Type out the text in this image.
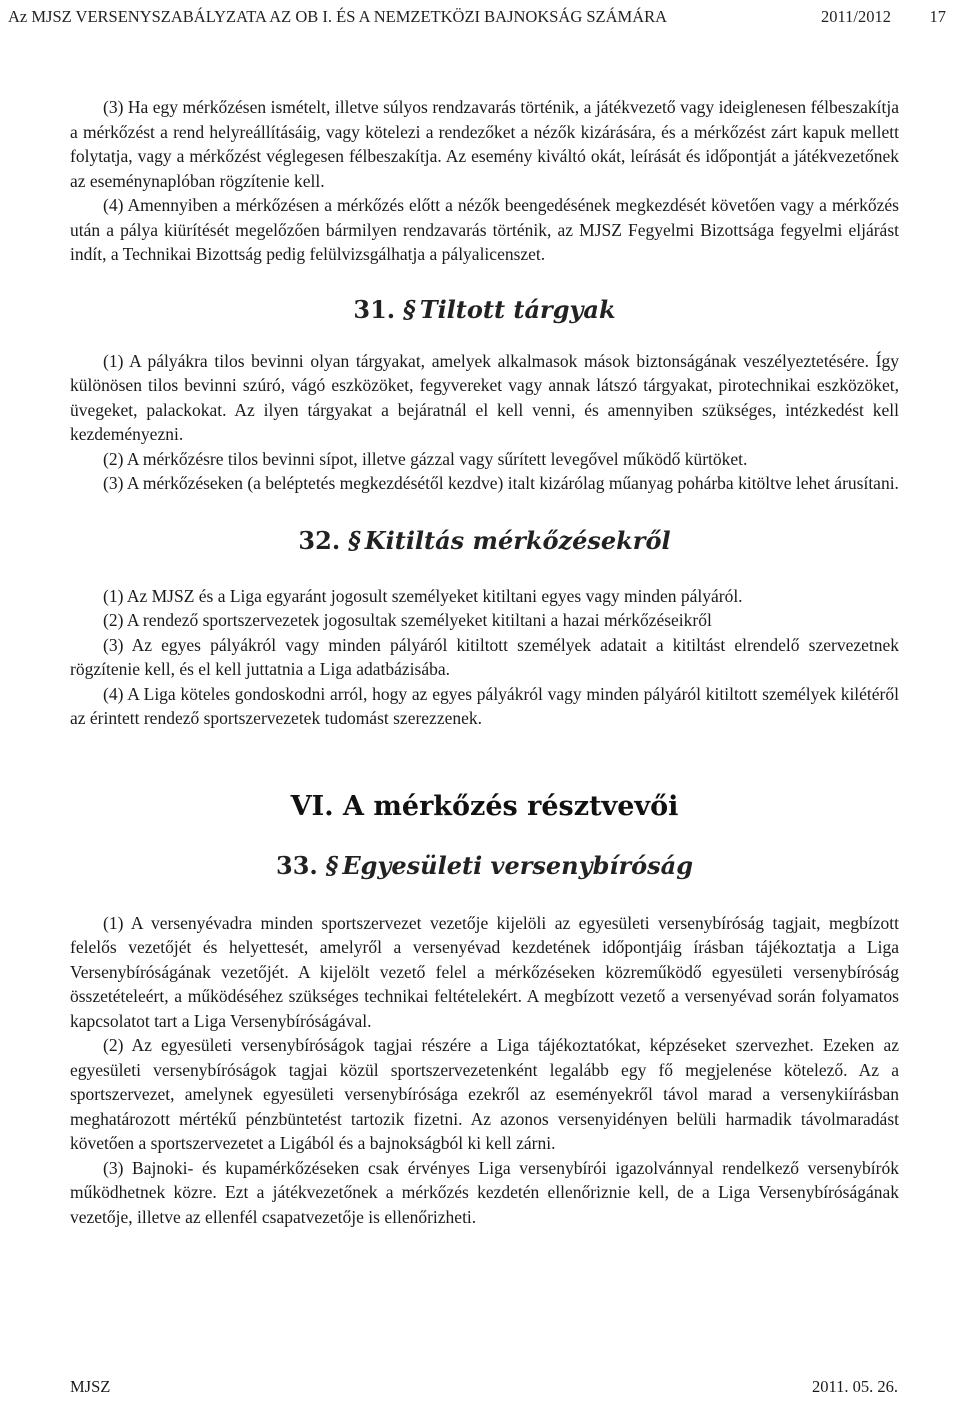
Az MJSZ VERSENYSZABÁLYZATA AZ OB I. ÉS A NEMZETKÖZI BAJNOKSÁG SZÁMÁRA	2011/2012 17

(3) Ha egy mérkőzésen ismételt, illetve súlyos rendzavarás történik, a játékvezető vagy ideiglenesen félbeszakítja a mérkőzést a rend helyreállításáig, vagy kötelezi a rendezőket a nézők kizárására, és a mérkőzést zárt kapuk mellett folytatja, vagy a mérkőzést véglegesen félbeszakítja. Az esemény kiváltó okát, leírását és időpontját a játékvezetőnek az eseménynaplóban rögzítenie kell.

(4) Amennyiben a mérkőzésen a mérkőzés előtt a nézők beengedésének megkezdését követően vagy a mérkőzés után a pálya kiürítését megelőzően bármilyen rendzavarás történik, az MJSZ Fegyelmi Bizottsága fegyelmi eljárást indít, a Technikai Bizottság pedig felülvizsgálhatja a pályalicenszet.

31. § Tiltott tárgyak

(1) A pályákra tilos bevinni olyan tárgyakat, amelyek alkalmasok mások biztonságának veszélyeztetésére. Így különösen tilos bevinni szúró, vágó eszközöket, fegyvereket vagy annak látszó tárgyakat, pirotechnikai eszközöket, üvegeket, palackokat. Az ilyen tárgyakat a bejáratnál el kell venni, és amennyiben szükséges, intézkedést kell kezdeményezni.

(2) A mérkőzésre tilos bevinni sípot, illetve gázzal vagy sűrített levegővel működő kürtöket.

(3) A mérkőzéseken (a beléptetés megkezdésétől kezdve) italt kizárólag műanyag pohárba kitöltve lehet árusítani.

32. § Kitiltás mérkőzésekről

(1) Az MJSZ és a Liga egyaránt jogosult személyeket kitiltani egyes vagy minden pályáról.

(2) A rendező sportszervezetek jogosultak személyeket kitiltani a hazai mérkőzéseikről

(3) Az egyes pályákról vagy minden pályáról kitiltott személyek adatait a kitiltást elrendelő szervezetnek rögzítenie kell, és el kell juttatnia a Liga adatbázisába.

(4) A Liga köteles gondoskodni arról, hogy az egyes pályákról vagy minden pályáról kitiltott személyek kilétéről az érintett rendező sportszervezetek tudomást szerezzenek.

VI. A mérkőzés résztvevői
33. § Egyesületi versenybíróság

(1) A versenyévadra minden sportszervezet vezetője kijelöli az egyesületi versenybíróság tagjait, megbízott felelős vezetőjét és helyettesét, amelyről a versenyévad kezdetének időpontjáig írásban tájékoztatja a Liga Versenybíróságának vezetőjét. A kijelölt vezető felel a mérkőzéseken közreműködő egyesületi versenybíróság összetételeért, a működéséhez szükséges technikai feltételekért. A megbízott vezető a versenyévad során folyamatos kapcsolatot tart a Liga Versenybíróságával.

(2) Az egyesületi versenybíróságok tagjai részére a Liga tájékoztatókat, képzéseket szervezhet. Ezeken az egyesületi versenybíróságok tagjai közül sportszervezetenként legalább egy fő megjelenése kötelező. Az a sportszervezet, amelynek egyesületi versenybírósága ezekről az eseményekről távol marad a versenykiírásban meghatározott mértékű pénzbüntetést tartozik fizetni. Az azonos versenyidényen belüli harmadik távolmaradást követően a sportszervezetet a Ligából és a bajnokságból ki kell zárni.

(3) Bajnoki- és kupamérkőzéseken csak érvényes Liga versenybírói igazolvánnyal rendelkező versenybírók működhetnek közre. Ezt a játékvezetőnek a mérkőzés kezdetén ellenőriznie kell, de a Liga Versenybíróságának vezetője, illetve az ellenfél csapatvezetője is ellenőrizheti.

MJSZ	2011. 05. 26.
